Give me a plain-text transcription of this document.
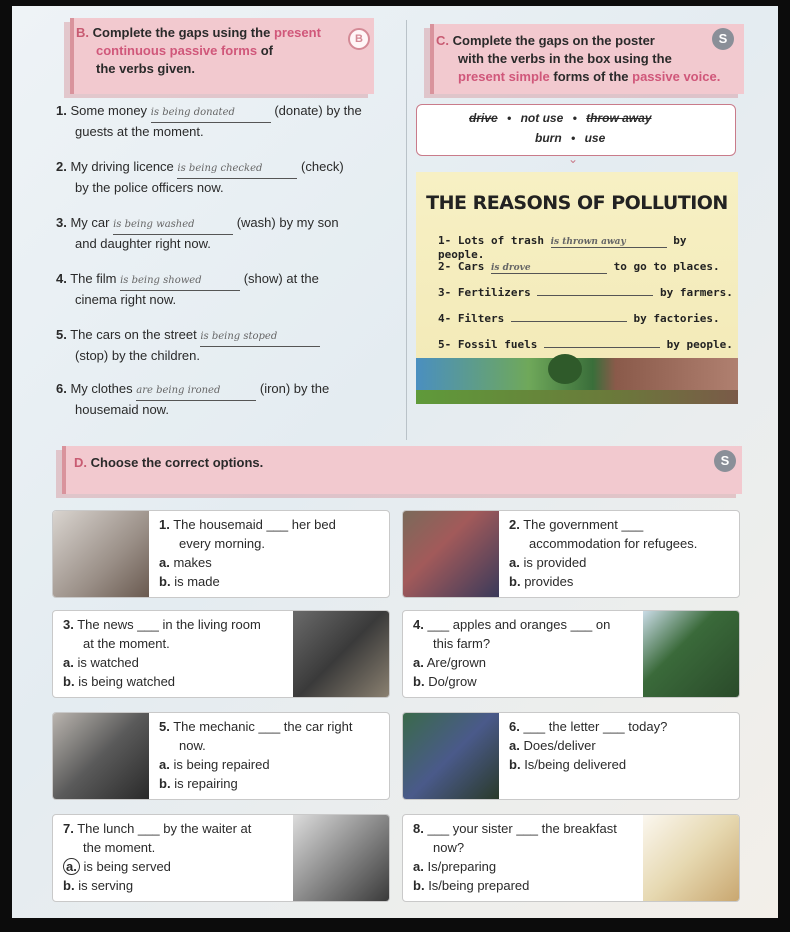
B. Complete the gaps using the present
continuous passive forms of
the verbs given.
B
1. Some money is being donated	(donate) by the
guests at the moment.
2. My driving licence is being checked	(check)
by the police officers now.
3. My car is being washed	(wash) by my son
and daughter right now.
4. The film is being showed	(show) at the
cinema right now.
5. The cars on the street is being stoped
(stop) by the children.
6. My clothes are being ironed	(iron) by the
housemaid now.
C. Complete the gaps on the poster
with the verbs in the box using the
present simple forms of the passive voice.
S
drive • not use • throw away
burn • use
⌄
THE REASONS OF POLLUTION
1- Lots of trash is thrown away	by people.
2- Cars is drove	to go to places.
3- Fertilizers	by farmers.
4- Filters	by factories.
5- Fossil fuels	by people.
D. Choose the correct options.	S
1. The housemaid ___ her bed
every morning.
a. makes
b. is made
2. The government ___
accommodation for refugees.
a. is provided
b. provides
3. The news ___ in the living room
at the moment.
a. is watched
b. is being watched
4. ___ apples and oranges ___ on
this farm?
a. Are/grown
b. Do/grow
5. The mechanic ___ the car right
now.
a. is being repaired
b. is repairing
6. ___ the letter ___ today?
a. Does/deliver
b. Is/being delivered
7. The lunch ___ by the waiter at
the moment.
a. is being served
b. is serving
8. ___ your sister ___ the breakfast
now?
a. Is/preparing
b. Is/being prepared
